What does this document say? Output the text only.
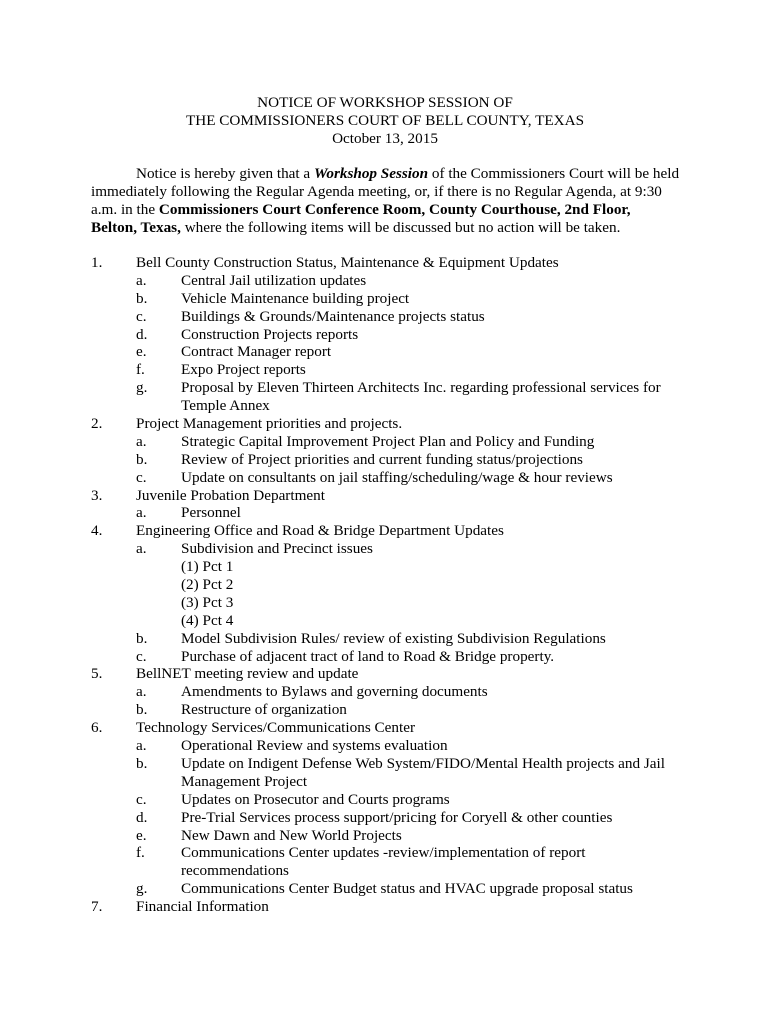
NOTICE OF WORKSHOP SESSION OF
THE COMMISSIONERS COURT OF BELL COUNTY, TEXAS
October 13, 2015
Notice is hereby given that a Workshop Session of the Commissioners Court will be held
immediately following the Regular Agenda meeting, or, if there is no Regular Agenda, at 9:30
a.m. in the Commissioners Court Conference Room, County Courthouse, 2nd Floor,
Belton, Texas, where the following items will be discussed but no action will be taken.
1. Bell County Construction Status, Maintenance & Equipment Updates
a. Central Jail utilization updates
b. Vehicle Maintenance building project
c. Buildings & Grounds/Maintenance projects status
d. Construction Projects reports
e. Contract Manager report
f. Expo Project reports
g. Proposal by Eleven Thirteen Architects Inc. regarding professional services for
Temple Annex
2. Project Management priorities and projects.
a. Strategic Capital Improvement Project Plan and Policy and Funding
b. Review of Project priorities and current funding status/projections
c. Update on consultants on jail staffing/scheduling/wage & hour reviews
3. Juvenile Probation Department
a. Personnel
4. Engineering Office and Road & Bridge Department Updates
a. Subdivision and Precinct issues
(1) Pct 1
(2) Pct 2
(3) Pct 3
(4) Pct 4
b. Model Subdivision Rules/ review of existing Subdivision Regulations
c. Purchase of adjacent tract of land to Road & Bridge property.
5. BellNET meeting review and update
a. Amendments to Bylaws and governing documents
b. Restructure of organization
6. Technology Services/Communications Center
a. Operational Review and systems evaluation
b. Update on Indigent Defense Web System/FIDO/Mental Health projects and Jail
Management Project
c. Updates on Prosecutor and Courts programs
d. Pre-Trial Services process support/pricing for Coryell & other counties
e. New Dawn and New World Projects
f. Communications Center updates -review/implementation of report
recommendations
g. Communications Center Budget status and HVAC upgrade proposal status
7. Financial Information
